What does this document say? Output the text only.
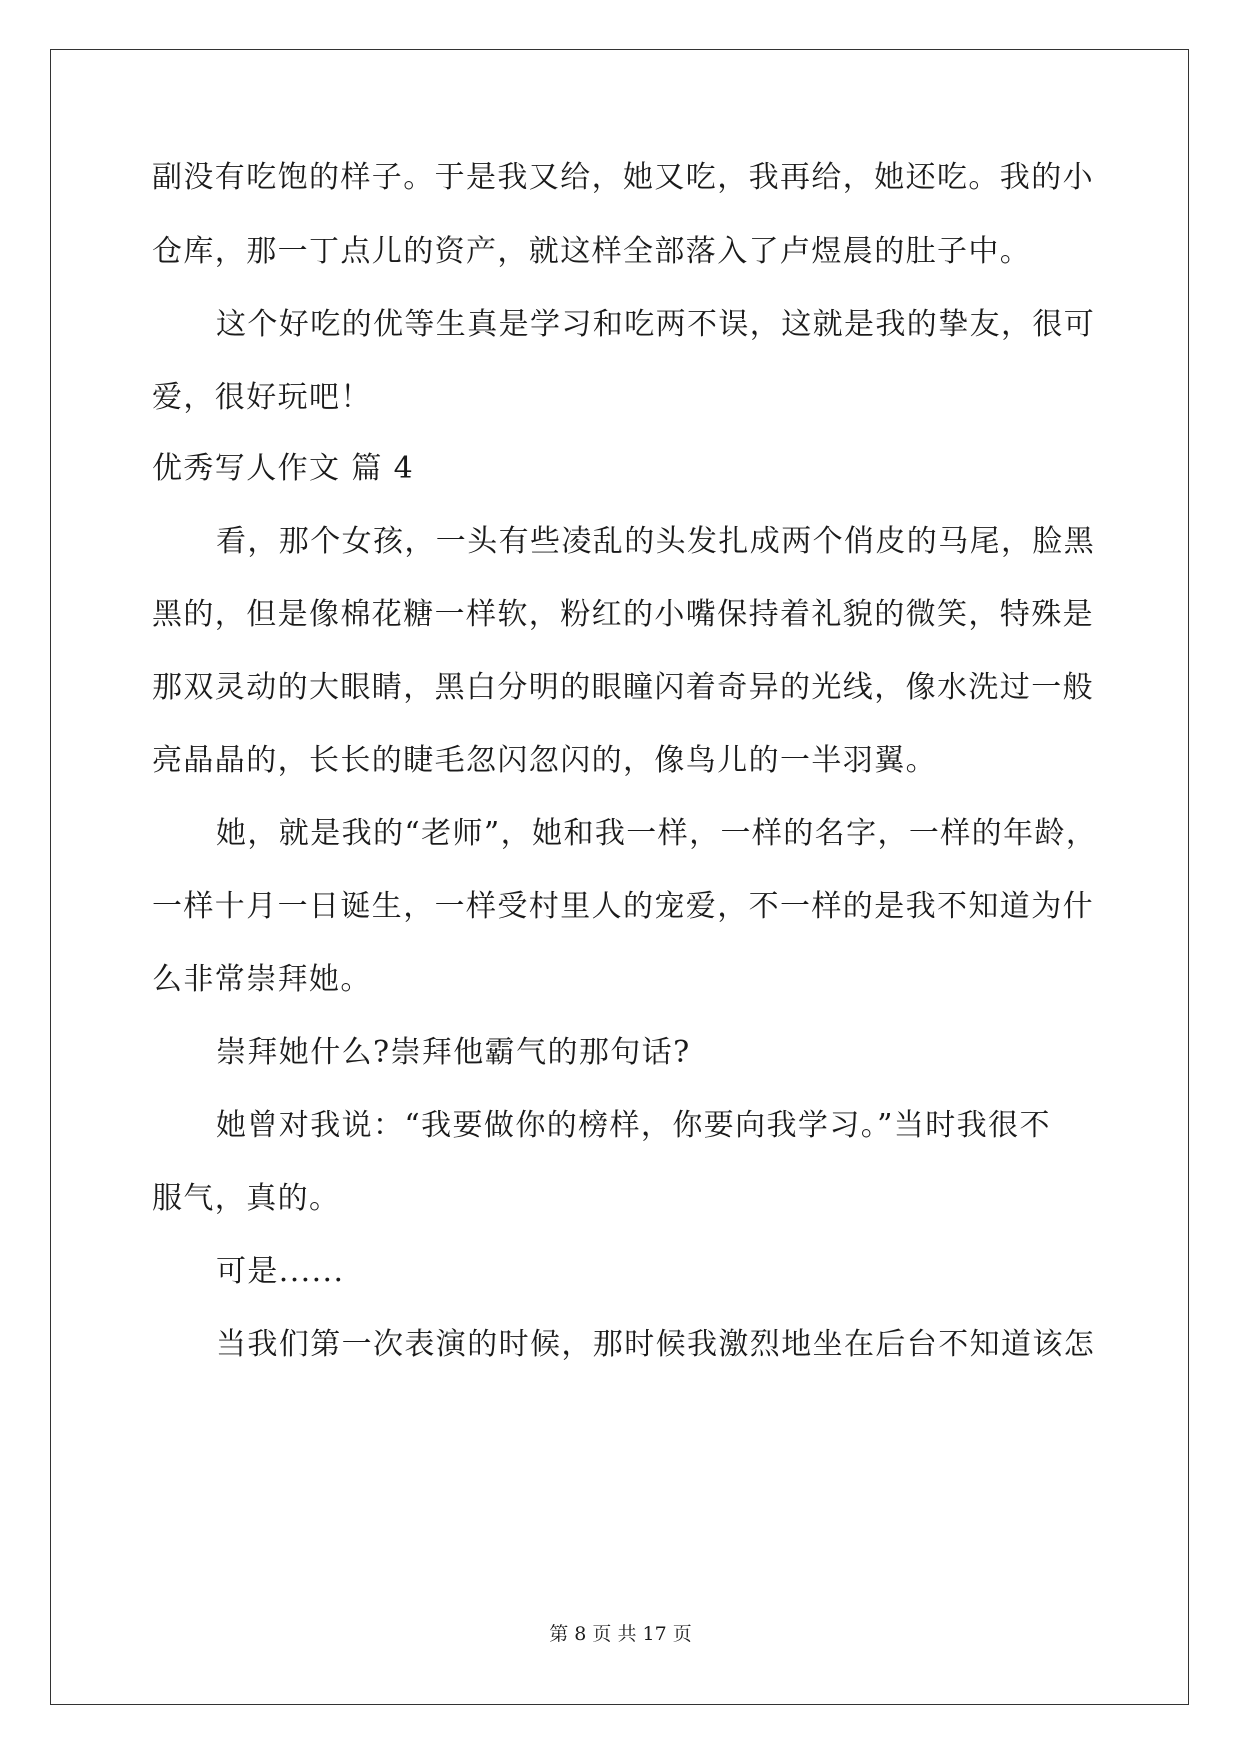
副没有吃饱的样子。于是我又给，她又吃，我再给，她还吃。我的小
仓库，那一丁点儿的资产，就这样全部落入了卢煜晨的肚子中。
这个好吃的优等生真是学习和吃两不误，这就是我的挚友，很可
爱，很好玩吧！
优秀写人作文 篇 4
看，那个女孩，一头有些凌乱的头发扎成两个俏皮的马尾，脸黑
黑的，但是像棉花糖一样软，粉红的小嘴保持着礼貌的微笑，特殊是
那双灵动的大眼睛，黑白分明的眼瞳闪着奇异的光线，像水洗过一般
亮晶晶的，长长的睫毛忽闪忽闪的，像鸟儿的一半羽翼。
她，就是我的“老师”，她和我一样，一样的名字，一样的年龄，
一样十月一日诞生，一样受村里人的宠爱，不一样的是我不知道为什
么非常崇拜她。
崇拜她什么?崇拜他霸气的那句话?
她曾对我说：“我要做你的榜样，你要向我学习。”当时我很不
服气，真的。
可是......
当我们第一次表演的时候，那时候我激烈地坐在后台不知道该怎
第 8 页 共 17 页
